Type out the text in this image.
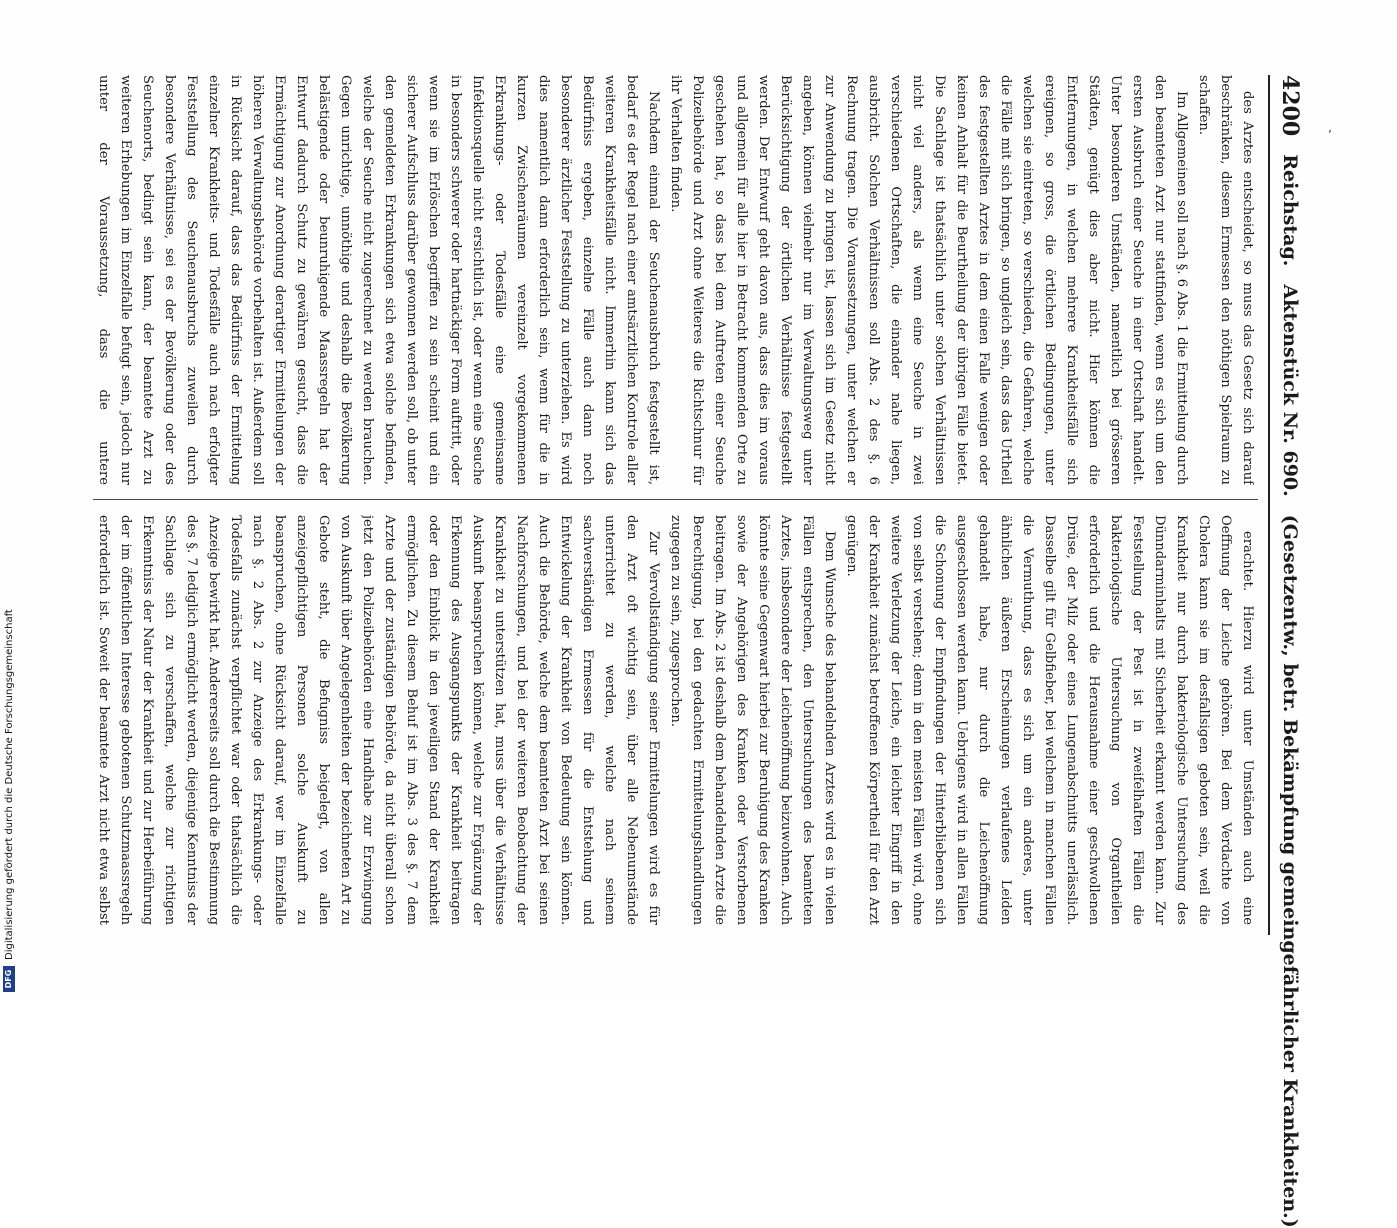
4200
Reichstag.
Aktenstück Nr. 690.
(Gesetzentw., betr. Bekämpfung gemeingefährlicher Krankheiten.)

des Arztes entscheidet, so muss das Gesetz sich darauf beschränken, diesem Ermessen den nöthigen Spielraum zu schaffen.

Im Allgemeinen soll nach §. 6 Abs. 1 die Ermittelung durch den beamteten Arzt nur stattfinden, wenn es sich um den ersten Ausbruch einer Seuche in einer Ortschaft handelt. Unter besonderen Umständen, namentlich bei grösseren Städten, genügt dies aber nicht. Hier können die Entfernungen, in welchen mehrere Krankheitsfälle sich ereignen, so gross, die örtlichen Bedingungen, unter welchen sie eintreten, so verschieden, die Gefahren, welche die Fälle mit sich bringen, so ungleich sein, dass das Urtheil des festgestellten Arztes in dem einen Falle wenigen oder keinen Anhalt für die Beurtheilung der übrigen Fälle bietet. Die Sachlage ist thatsächlich unter solchen Verhältnissen nicht viel anders, als wenn eine Seuche in zwei verschiedenen Ortschaften, die einander nahe liegen, ausbricht. Solchen Verhältnissen soll Abs. 2 des §. 6 Rechnung tragen. Die Voraussetzungen, unter welchen er zur Anwendung zu bringen ist, lassen sich im Gesetz nicht angeben, können vielmehr nur im Verwaltungsweg unter Berücksichtigung der örtlichen Verhältnisse festgestellt werden. Der Entwurf geht davon aus, dass dies im voraus und allgemein für alle hier in Betracht kommenden Orte zu geschehen hat, so dass bei dem Auftreten einer Seuche Polizeibehörde und Arzt ohne Weiteres die Richtschnur für ihr Verhalten finden.

Nachdem einmal der Seuchenausbruch festgestellt ist, bedarf es der Regel nach einer amtsärztlichen Kontrole aller weiteren Krankheitsfälle nicht. Immerhin kann sich das Bedürfniss ergeben, einzelne Fälle auch dann noch besonderer ärztlicher Feststellung zu unterziehen. Es wird dies namentlich dann erforderlich sein, wenn für die in kurzen Zwischenräumen vereinzelt vorgekommenen Erkrankungs- oder Todesfälle eine gemeinsame Infektionsquelle nicht ersichtlich ist, oder wenn eine Seuche in besonders schwerer oder hartnäckiger Form auftritt, oder wenn sie im Erlöschen begriffen zu sein scheint und ein sicherer Aufschluss darüber gewonnen werden soll, ob unter den gemeldeten Erkrankungen sich etwa solche befinden, welche der Seuche nicht zugerechnet zu werden brauchen. Gegen unrichtige, unnöthige und deshalb die Bevölkerung belästigende oder beunruhigende Maassregeln hat der Entwurf dadurch Schutz zu gewähren gesucht, dass die Ermächtigung zur Anordnung derartiger Ermittelungen der höheren Verwaltungsbehörde vorbehalten ist. Außerdem soll in Rücksicht darauf, dass das Bedürfniss der Ermittelung einzelner Krankheits- und Todesfälle auch nach erfolgter Feststellung des Seuchenausbruchs zuweilen durch besondere Verhältnisse, sei es der Bevölkerung oder des Seuchenorts, bedingt sein kann, der beamtete Arzt zu weiteren Erhebungen im Einzelfalle befugt sein, jedoch nur unter der Voraussetzung, dass die untere

erachtet. Hierzu wird unter Umständen auch eine Oeffnung der Leiche gehören. Bei dem Verdachte von Cholera kann sie im desfallsigen geboten sein, weil die Krankheit nur durch bakteriologische Untersuchung des Dünndarminhalts mit Sicherheit erkannt werden kann. Zur Feststellung der Pest ist in zweifelhaften Fällen die bakteriologische Untersuchung von Organtheilen erforderlich und die Herausnahme einer geschwollenen Drüse, der Milz oder eines Lungenabschnitts unerlässlich. Dasselbe gilt für Gelbfieber, bei welchem in manchen Fällen die Vermuthung, dass es sich um ein anderes, unter ähnlichen äußeren Erscheinungen verlaufenes Leiden gehandelt habe, nur durch die Leichenöffnung ausgeschlossen werden kann. Uebrigens wird in allen Fällen die Schonung der Empfindungen der Hinterbliebenen sich von selbst verstehen; denn in den meisten Fällen wird, ohne weitere Verletzung der Leiche, ein leichter Eingriff in den der Krankheit zunächst betroffenen Körpertheil für den Arzt genügen.

Dem Wunsche des behandelnden Arztes wird es in vielen Fällen entsprechen, den Untersuchungen des beamteten Arztes, insbesondere der Leichenöffnung beizuwohnen. Auch könnte seine Gegenwart hierbei zur Beruhigung des Kranken sowie der Angehörigen des Kranken oder Verstorbenen beitragen. Im Abs. 2 ist deshalb dem behandelnden Arzte die Berechtigung, bei den gedachten Ermittelungshandlungen zugegen zu sein, zugesprochen.

Zur Vervollständigung seiner Ermittelungen wird es für den Arzt oft wichtig sein, über alle Nebenumstände unterrichtet zu werden, welche nach seinem sachverständigen Ermessen für die Entstehung und Entwickelung der Krankheit von Bedeutung sein können. Auch die Behörde, welche dem beamteten Arzt bei seinen Nachforschungen, und bei der weiteren Beobachtung der Krankheit zu unterstützen hat, muss über die Verhältnisse Auskunft beanspruchen können, welche zur Ergänzung der Erkennung des Ausgangspunkts der Krankheit beitragen oder den Einblick in den jeweiligen Stand der Krankheit ermöglichen. Zu diesem Behuf ist im Abs. 3 des §. 7 dem Arzte und der zuständigen Behörde, da nicht überall schon jetzt den Polizeibehörden eine Handhabe zur Erzwingung von Auskunft über Angelegenheiten der bezeichneten Art zu Gebote steht, die Befugniss beigelegt, von allen anzeigepflichtigen Personen solche Auskunft zu beanspruchen, ohne Rücksicht darauf, wer im Einzelfalle nach §. 2 Abs. 2 zur Anzeige des Erkrankungs- oder Todesfalls zunächst verpflichtet war oder thatsächlich die Anzeige bewirkt hat. Andererseits soll durch die Bestimmung des §. 7 lediglich ermöglicht werden, diejenige Kenntniss der Sachlage sich zu verschaffen, welche zur richtigen Erkenntniss der Natur der Krankheit und zur Herbeiführung der im öffentlichen Interesse gebotenen Schutzmaassregeln erforderlich ist. Soweit der beamtete Arzt nicht etwa selbst

’
DFG
Digitalisierung gefördert durch die Deutsche Forschungsgemeinschaft
